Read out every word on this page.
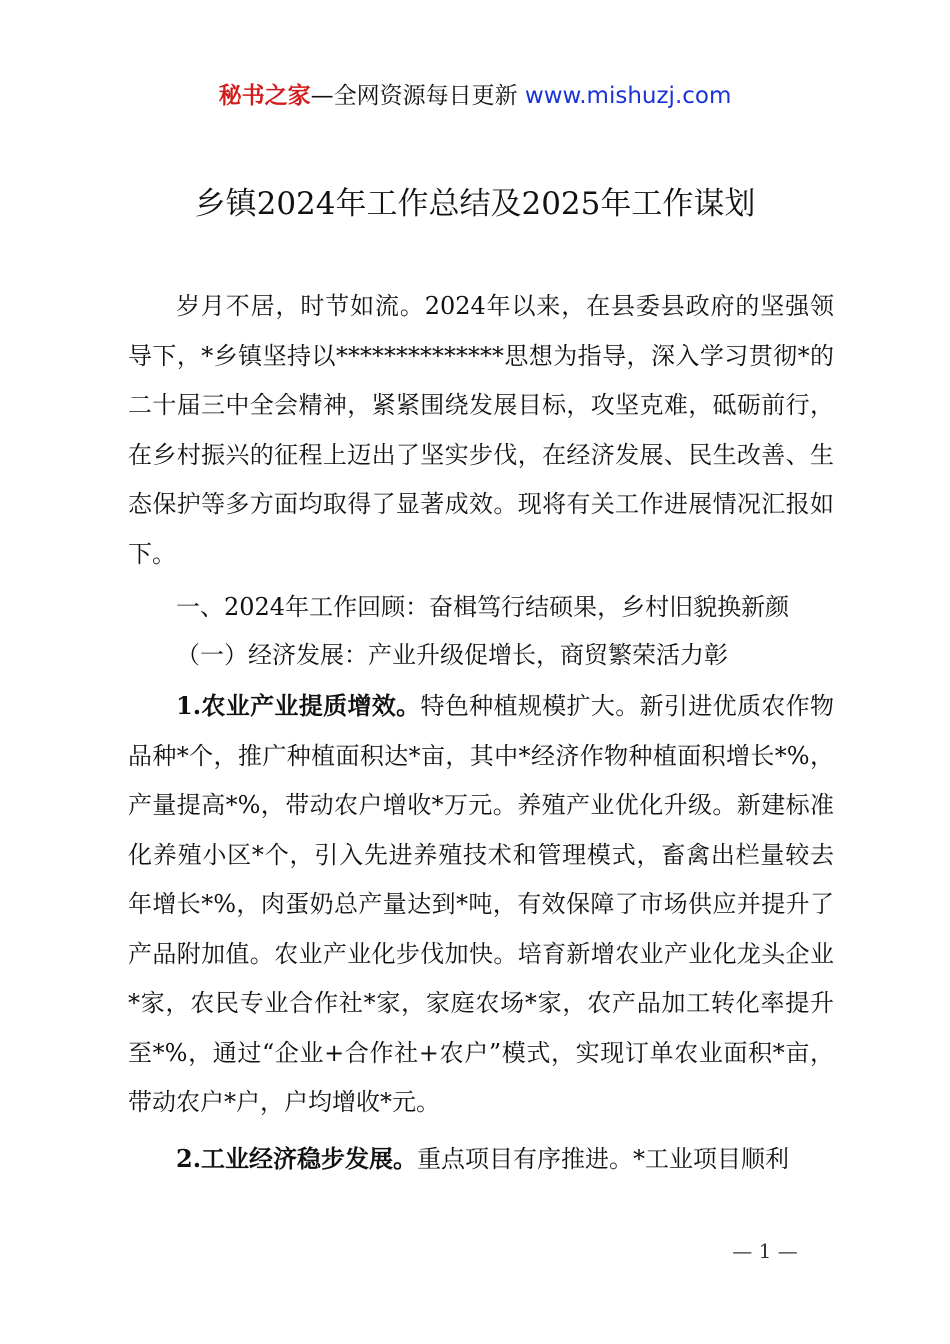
秘书之家—全网资源每日更新 www.mishuzj.com
乡镇2024年工作总结及2025年工作谋划

岁月不居，时节如流。2024年以来，在县委县政府的坚强领导下，*乡镇坚持以**************思想为指导，深入学习贯彻*的二十届三中全会精神，紧紧围绕发展目标，攻坚克难，砥砺前行，在乡村振兴的征程上迈出了坚实步伐，在经济发展、民生改善、生态保护等多方面均取得了显著成效。现将有关工作进展情况汇报如下。

一、2024年工作回顾：奋楫笃行结硕果，乡村旧貌换新颜

（一）经济发展：产业升级促增长，商贸繁荣活力彰

1.农业产业提质增效。特色种植规模扩大。新引进优质农作物品种*个，推广种植面积达*亩，其中*经济作物种植面积增长*%，产量提高*%，带动农户增收*万元。养殖产业优化升级。新建标准化养殖小区*个，引入先进养殖技术和管理模式，畜禽出栏量较去年增长*%，肉蛋奶总产量达到*吨，有效保障了市场供应并提升了产品附加值。农业产业化步伐加快。培育新增农业产业化龙头企业*家，农民专业合作社*家，家庭农场*家，农产品加工转化率提升至*%，通过“企业+合作社+农户”模式，实现订单农业面积*亩，带动农户*户，户均增收*元。

2.工业经济稳步发展。重点项目有序推进。*工业项目顺利

— 1 —
